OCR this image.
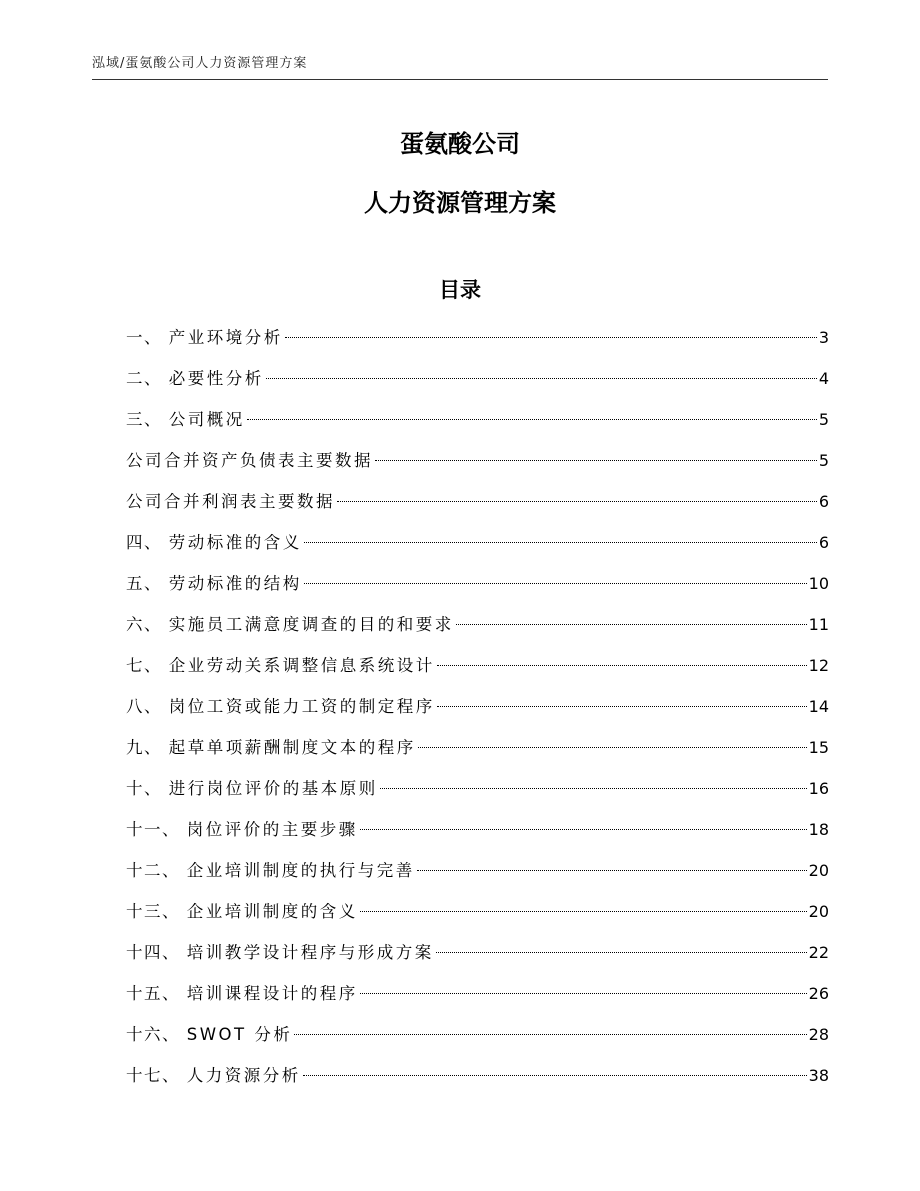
泓域/蛋氨酸公司人力资源管理方案
蛋氨酸公司
人力资源管理方案
目录
一、 产业环境分析	3
二、 必要性分析	4
三、 公司概况	5
公司合并资产负债表主要数据	5
公司合并利润表主要数据	6
四、 劳动标准的含义	6
五、 劳动标准的结构	10
六、 实施员工满意度调查的目的和要求	11
七、 企业劳动关系调整信息系统设计	12
八、 岗位工资或能力工资的制定程序	14
九、 起草单项薪酬制度文本的程序	15
十、 进行岗位评价的基本原则	16
十一、 岗位评价的主要步骤	18
十二、 企业培训制度的执行与完善	20
十三、 企业培训制度的含义	20
十四、 培训教学设计程序与形成方案	22
十五、 培训课程设计的程序	26
十六、 SWOT 分析	28
十七、 人力资源分析	38
